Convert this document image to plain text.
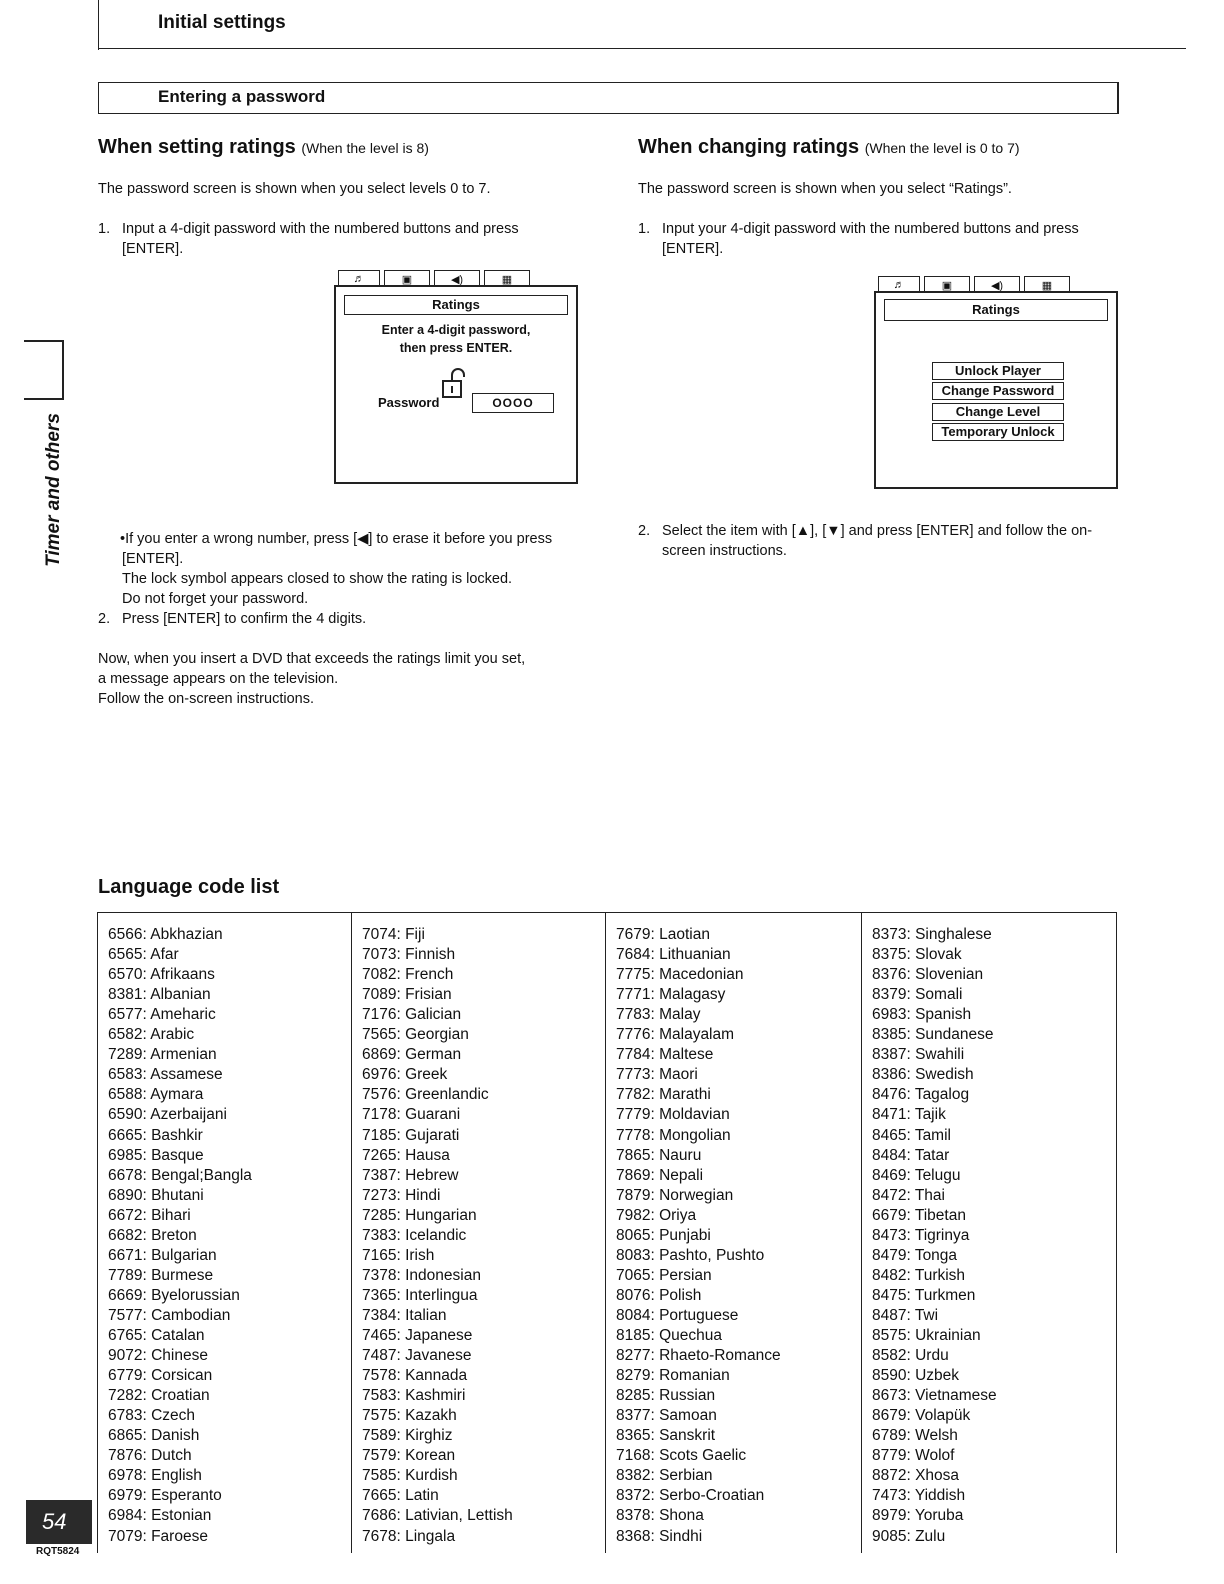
Initial settings
Entering a password
Timer and others
When setting ratings (When the level is 8)
The password screen is shown when you select levels 0 to 7.
1. Input a 4-digit password with the numbered buttons and press [ENTER].
♬	▣	◀)	▦
Ratings
Enter a 4-digit password,
then press ENTER.
Password	OOOO
•If you enter a wrong number, press [◀] to erase it before you press [ENTER].
The lock symbol appears closed to show the rating is locked.
Do not forget your password.
2. Press [ENTER] to confirm the 4 digits.
Now, when you insert a DVD that exceeds the ratings limit you set,
a message appears on the television.
Follow the on-screen instructions.
When changing ratings (When the level is 0 to 7)
The password screen is shown when you select “Ratings”.
1. Input your 4-digit password with the numbered buttons and press [ENTER].
♬	▣	◀)	▦
Ratings
Unlock Player
Change Password
Change Level
Temporary Unlock
2. Select the item with [▲], [▼] and press [ENTER] and follow the on-screen instructions.
Language code list
6566: Abkhazian
6565: Afar
6570: Afrikaans
8381: Albanian
6577: Ameharic
6582: Arabic
7289: Armenian
6583: Assamese
6588: Aymara
6590: Azerbaijani
6665: Bashkir
6985: Basque
6678: Bengal;Bangla
6890: Bhutani
6672: Bihari
6682: Breton
6671: Bulgarian
7789: Burmese
6669: Byelorussian
7577: Cambodian
6765: Catalan
9072: Chinese
6779: Corsican
7282: Croatian
6783: Czech
6865: Danish
7876: Dutch
6978: English
6979: Esperanto
6984: Estonian
7079: Faroese
7074: Fiji
7073: Finnish
7082: French
7089: Frisian
7176: Galician
7565: Georgian
6869: German
6976: Greek
7576: Greenlandic
7178: Guarani
7185: Gujarati
7265: Hausa
7387: Hebrew
7273: Hindi
7285: Hungarian
7383: Icelandic
7165: Irish
7378: Indonesian
7365: Interlingua
7384: Italian
7465: Japanese
7487: Javanese
7578: Kannada
7583: Kashmiri
7575: Kazakh
7589: Kirghiz
7579: Korean
7585: Kurdish
7665: Latin
7686: Lativian, Lettish
7678: Lingala
7679: Laotian
7684: Lithuanian
7775: Macedonian
7771: Malagasy
7783: Malay
7776: Malayalam
7784: Maltese
7773: Maori
7782: Marathi
7779: Moldavian
7778: Mongolian
7865: Nauru
7869: Nepali
7879: Norwegian
7982: Oriya
8065: Punjabi
8083: Pashto, Pushto
7065: Persian
8076: Polish
8084: Portuguese
8185: Quechua
8277: Rhaeto-Romance
8279: Romanian
8285: Russian
8377: Samoan
8365: Sanskrit
7168: Scots Gaelic
8382: Serbian
8372: Serbo-Croatian
8378: Shona
8368: Sindhi
8373: Singhalese
8375: Slovak
8376: Slovenian
8379: Somali
6983: Spanish
8385: Sundanese
8387: Swahili
8386: Swedish
8476: Tagalog
8471: Tajik
8465: Tamil
8484: Tatar
8469: Telugu
8472: Thai
6679: Tibetan
8473: Tigrinya
8479: Tonga
8482: Turkish
8475: Turkmen
8487: Twi
8575: Ukrainian
8582: Urdu
8590: Uzbek
8673: Vietnamese
8679: Volapük
6789: Welsh
8779: Wolof
8872: Xhosa
7473: Yiddish
8979: Yoruba
9085: Zulu
54
RQT5824
